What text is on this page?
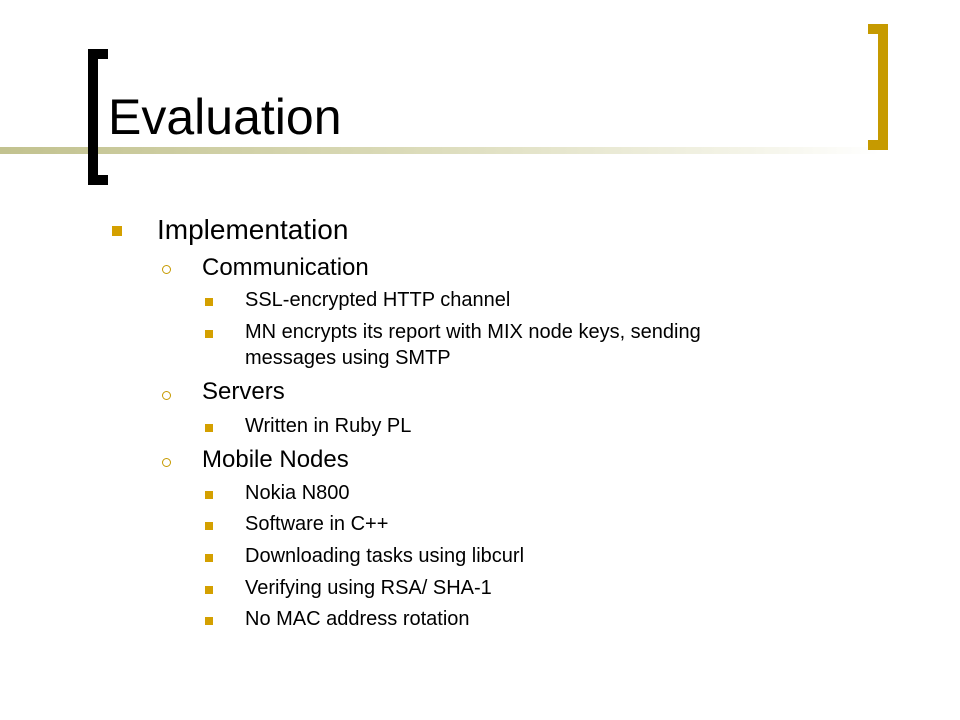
Evaluation
Implementation
Communication
SSL-encrypted HTTP channel
MN encrypts its report with MIX node keys, sending
messages using SMTP
Servers
Written in Ruby PL
Mobile Nodes
Nokia N800
Software in C++
Downloading tasks using libcurl
Verifying using RSA/ SHA-1
No MAC address rotation
